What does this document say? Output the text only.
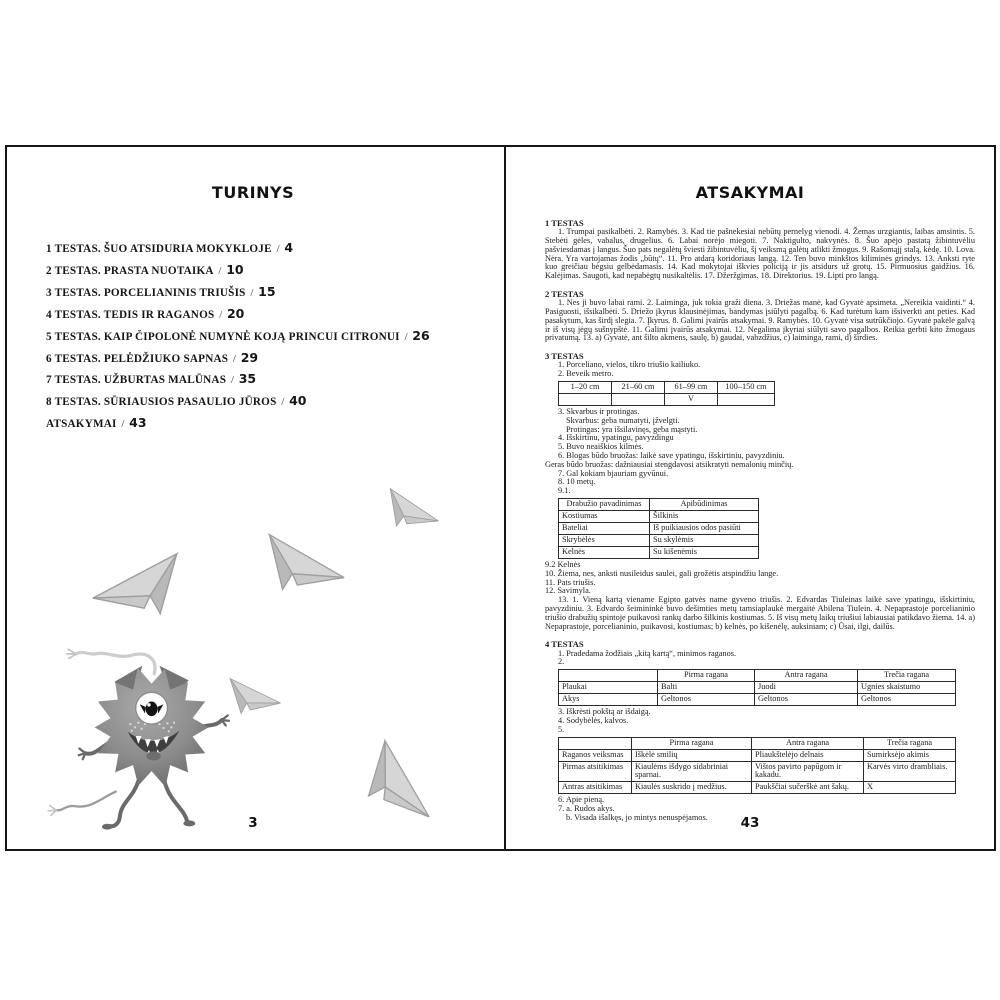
TURINYS
1 TESTAS. ŠUO ATSIDURIA MOKYKLOJE / 4
2 TESTAS. PRASTA NUOTAIKA / 10
3 TESTAS. PORCELIANINIS TRIUŠIS / 15
4 TESTAS. TEDIS IR RAGANOS / 20
5 TESTAS. KAIP ČIPOLONĖ NUMYNĖ KOJĄ PRINCUI CITRONUI / 26
6 TESTAS. PELĖDŽIUKO SAPNAS / 29
7 TESTAS. UŽBURTAS MALŪNAS / 35
8 TESTAS. SŪRIAUSIOS PASAULIO JŪROS / 40
ATSAKYMAI / 43
3
ATSAKYMAI
1 TESTAS
1. Trumpai pasikalbėti. 2. Ramybės. 3. Kad tie pašnekesiai nebūtų pernelyg vienodi. 4. Žemas urzgiantis, laibas amsintis. 5. Stebėti gėles, vabalus, drugelius. 6. Labai norėjo miegoti. 7. Naktigulto, nakvynės. 8. Šuo apėjo pastatą žibintuvėliu pašviesdamas į langus. Šuo pats negalėtų šviesti žibintuvėliu, šį veiksmą galėtų atlikti žmogus. 9. Rašomąjį stalą, kėdę. 10. Lova. Nėra. Yra vartojamas žodis „būtų“. 11. Pro atdarą koridoriaus langą. 12. Ten buvo minkštos kiliminės grindys. 13. Anksti ryte kuo greičiau bėgsiu gelbėdamasis. 14. Kad mokytojai iškvies policiją ir jis atsidurs už grotų. 15. Pirmuosius gaidžius. 16. Kalėjimas. Saugoti, kad nepabėgtų nusikaltėlis. 17. Džeržgimas. 18. Direktorius. 19. Lipti pro langą.
2 TESTAS
1. Nes ji buvo labai rami. 2. Laiminga, juk tokia graži diena. 3. Driežas manė, kad Gyvatė apsimeta. „Nereikia vaidinti.“ 4. Pasiguosti, išsikalbėti. 5. Driežo įkyrus klausinėjimas, bandymas įsiūlyti pagalbą. 6. Kad turėtum kam išsiverkti ant peties. Kad pasakytum, kas širdį slegia. 7. Įkyrus. 8. Galimi įvairūs atsakymai. 9. Ramybės. 10. Gyvatė visa sutrūkčiojo. Gyvatė pakėlė galvą ir iš visų jėgų sušnypštė. 11. Galimi įvairūs atsakymai. 12. Negalima įkyriai siūlyti savo pagalbos. Reikia gerbti kito žmogaus privatumą. 13. a) Gyvatė, ant šilto akmens, saulę, b) gaudai, vabzdžius, c) laiminga, rami, d) širdies.
3 TESTAS
1. Porceliano, vielos, tikro triušio kailiuko.
2. Beveik metro.
1–20 cm	21–60 cm	61–99 cm	100–150 cm
		V	
3. Skvarbus ir protingas.
Skvarbus: geba numatyti, įžvelgti.
Protingas: yra išsilavinęs, geba mąstyti.
4. Išskirtinu, ypatingu, pavyzdingu
5. Buvo neaiškios kilmės.
6. Blogas būdo bruožas: laikė save ypatingu, išskirtiniu, pavyzdiniu.
Geras būdo bruožas: dažniausiai stengdavosi atsikratyti nemalonių minčių.
7. Gal kokiam bjauriam gyvūnui.
8. 10 metų.
9.1.
Drabužio pavadinimas	Apibūdinimas
Kostiumas	Šilkinis
Bateliai	Iš puikiausios odos pasiūti
Skrybėlės	Su skylėmis
Kelnės	Su kišenėmis
9.2 Kelnės
10. Žiema, nes, anksti nusileidus saulei, gali grožėtis atspindžiu lange.
11. Pats triušis.
12. Savimyla.
13. 1. Vieną kartą viename Egipto gatvės name gyveno triušis. 2. Edvardas Tiuleinas laikė save ypatingu, išskirtiniu, pavyzdiniu. 3. Edvardo šeimininkė buvo dešimties metų tamsiaplaukė mergaitė Abilena Tiulein. 4. Nepaprastoje porcelianinio triušio drabužių spintoje puikavosi rankų darbo šilkinis kostiumas. 5. Iš visų metų laikų triušiui labiausiai patikdavo žiema. 14. a) Nepaprastoje, porcelianinio, puikavosi, kostiumas; b) kelnės, po kišenėlę, auksiniam; c) Ūsai, ilgi, dailūs.
4 TESTAS
1. Pradedama žodžiais „kitą kartą“, minimos raganos.
2.
	Pirma ragana	Antra ragana	Trečia ragana
Plaukai	Balti	Juodi	Ugnies skaistumo
Akys	Geltonos	Geltonos	Geltonos
3. Iškrėsti pokštą ar išdaigą.
4. Sodybėlės, kalvos.
5.
	Pirma ragana	Antra ragana	Trečia ragana
Raganos veiksmas	Iškėlė smilių	Pliaukštelėjo delnais	Sumirksėjo akimis
Pirmas atsitikimas	Kiaulėms išdygo sidabriniai sparnai.	Vištos pavirto papūgom ir kakadu.	Karvės virto drambliais.
Antras atsitikimas	Kiaulės suskrido į medžius.	Paukščiai sučerškė ant šakų.	X
6. Apie pieną.
7. a. Rudos akys.
b. Visada išalkęs, jo mintys nenuspėjamos.	43
